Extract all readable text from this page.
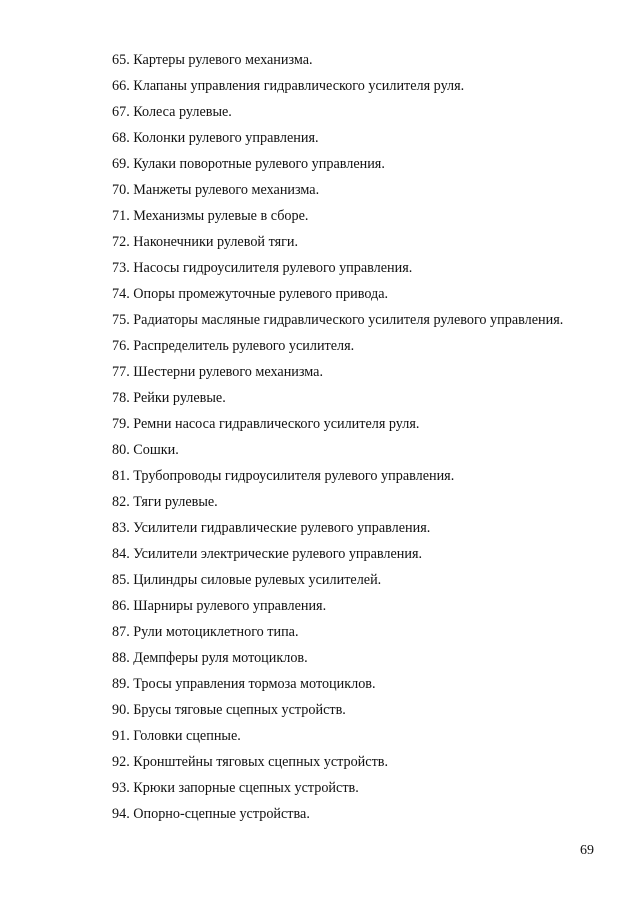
65. Картеры рулевого механизма.
66. Клапаны управления гидравлического усилителя руля.
67. Колеса рулевые.
68. Колонки рулевого управления.
69. Кулаки поворотные рулевого управления.
70. Манжеты рулевого механизма.
71. Механизмы рулевые в сборе.
72. Наконечники рулевой тяги.
73. Насосы гидроусилителя рулевого управления.
74. Опоры промежуточные рулевого привода.
75. Радиаторы масляные гидравлического усилителя рулевого управления.
76. Распределитель рулевого усилителя.
77. Шестерни рулевого механизма.
78. Рейки рулевые.
79. Ремни насоса гидравлического усилителя руля.
80. Сошки.
81. Трубопроводы гидроусилителя рулевого управления.
82. Тяги рулевые.
83. Усилители гидравлические рулевого управления.
84. Усилители электрические рулевого управления.
85. Цилиндры силовые рулевых усилителей.
86. Шарниры рулевого управления.
87. Рули мотоциклетного типа.
88. Демпферы руля мотоциклов.
89. Тросы управления тормоза мотоциклов.
90. Брусы тяговые сцепных устройств.
91. Головки сцепные.
92. Кронштейны тяговых сцепных устройств.
93. Крюки запорные сцепных устройств.
94. Опорно-сцепные устройства.
69
